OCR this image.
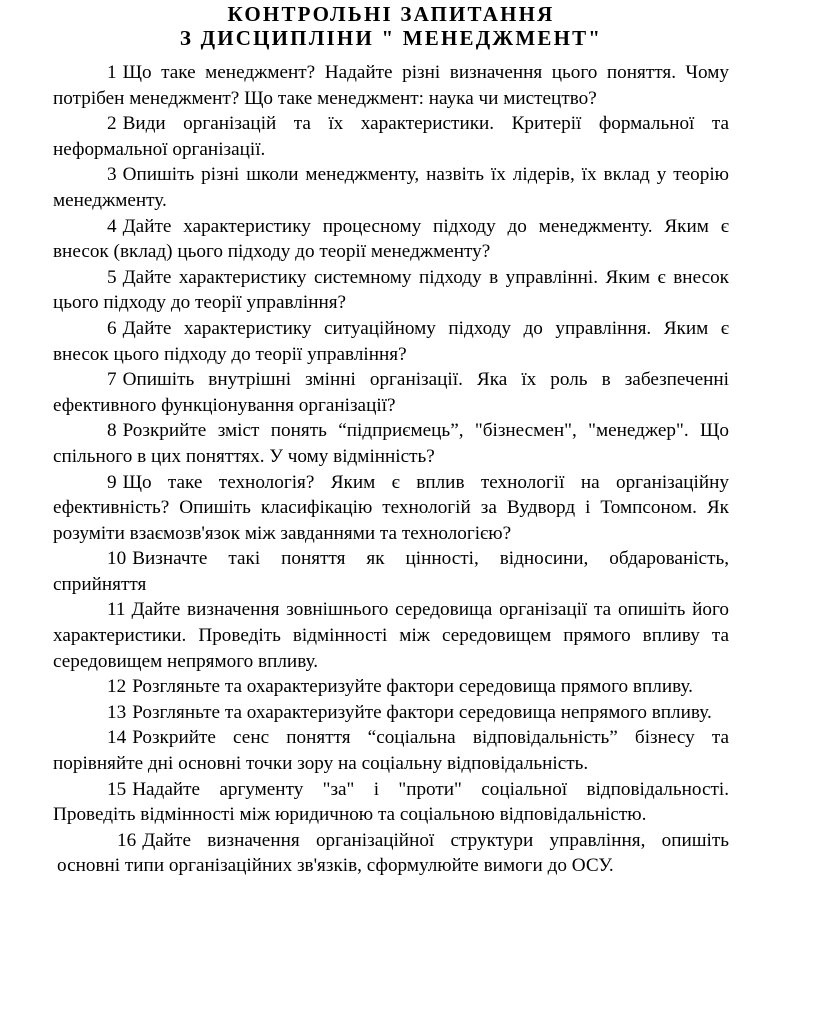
КОНТРОЛЬНІ ЗАПИТАННЯ
З ДИСЦИПЛІНИ " МЕНЕДЖМЕНТ"

1 Що таке менеджмент? Надайте різні визначення цього поняття. Чому потрібен менеджмент? Що таке менеджмент: наука чи мистецтво?

2 Види організацій та їх характеристики. Критерії формальної та неформальної організації.

3 Опишіть різні школи менеджменту, назвіть їх лідерів, їх вклад у теорію менеджменту.

4 Дайте характеристику процесному підходу до менеджменту. Яким є внесок (вклад) цього підходу до теорії менеджменту?

5 Дайте характеристику системному підходу в управлінні. Яким є внесок цього підходу до теорії управління?

6 Дайте характеристику ситуаційному підходу до управління. Яким є внесок цього підходу до теорії управління?

7 Опишіть внутрішні змінні організації. Яка їх роль в забезпеченні ефективного функціонування організації?

8 Розкрийте зміст понять “підприємець”, "бізнесмен", "менеджер". Що спільного в цих поняттях. У чому відмінність?

9 Що таке технологія? Яким є вплив технології на організаційну ефективність? Опишіть класифікацію технологій за Вудворд і Томпсоном. Як розуміти взаємозв'язок між завданнями та технологією?

10 Визначте такі поняття як цінності, відносини, обдарованість, сприйняття

11 Дайте визначення зовнішнього середовища організації та опишіть його характеристики. Проведіть відмінності між середовищем прямого впливу та середовищем непрямого впливу.

12 Розгляньте та охарактеризуйте фактори середовища прямого впливу.

13 Розгляньте та охарактеризуйте фактори середовища непрямого впливу.

14 Розкрийте сенс поняття “соціальна відповідальність” бізнесу та порівняйте дні основні точки зору на соціальну відповідальність.

15 Надайте аргументу "за" і "проти" соціальної відповідальності. Проведіть відмінності між юридичною та соціальною відповідальністю.

16 Дайте визначення організаційної структури управління, опишіть основні типи організаційних зв'язків, сформулюйте вимоги до ОСУ.
